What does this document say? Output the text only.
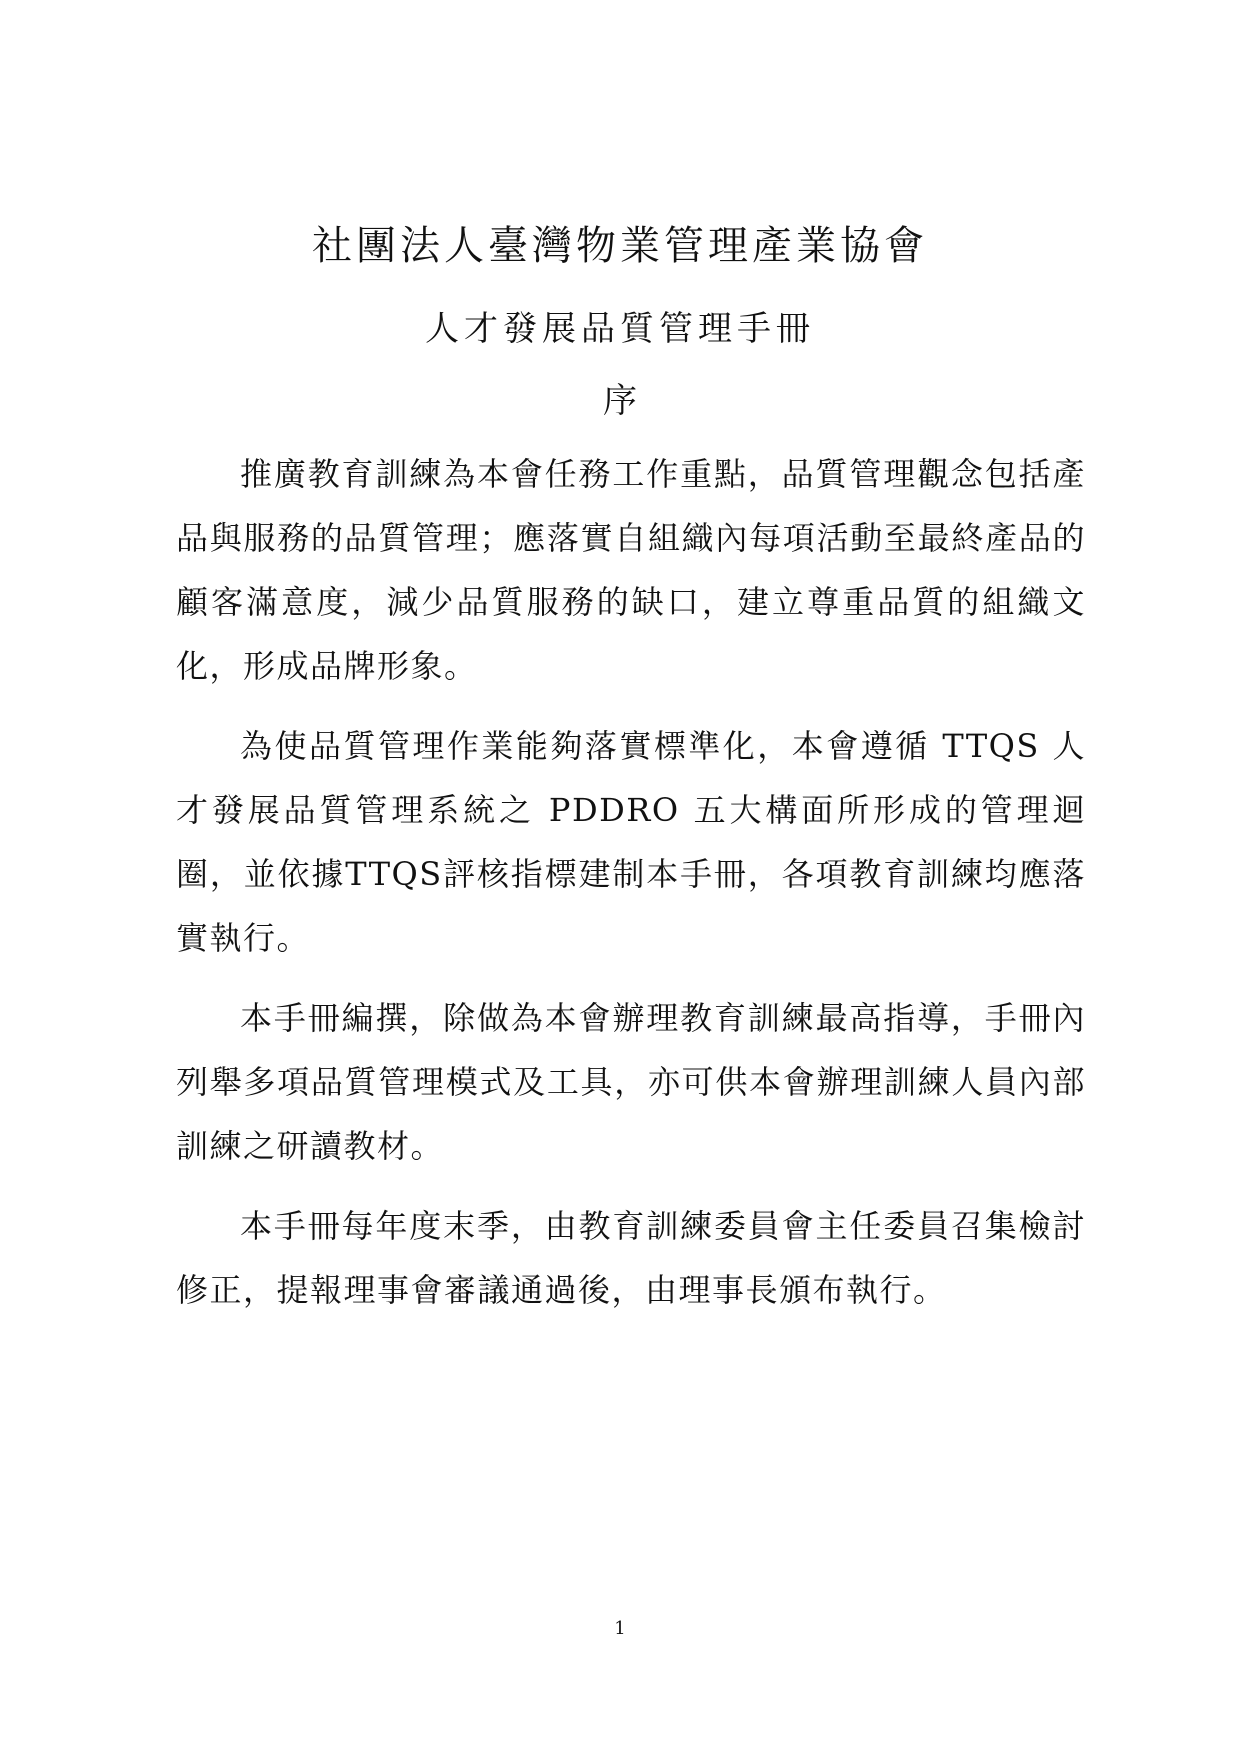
社團法人臺灣物業管理產業協會
人才發展品質管理手冊
序

推廣教育訓練為本會任務工作重點，品質管理觀念包括產品與服務的品質管理；應落實自組織內每項活動至最終產品的顧客滿意度，減少品質服務的缺口，建立尊重品質的組織文化，形成品牌形象。

為使品質管理作業能夠落實標準化，本會遵循 TTQS 人才發展品質管理系統之 PDDRO 五大構面所形成的管理迴圈，並依據TTQS評核指標建制本手冊，各項教育訓練均應落實執行。

本手冊編撰，除做為本會辦理教育訓練最高指導，手冊內列舉多項品質管理模式及工具，亦可供本會辦理訓練人員內部訓練之研讀教材。

本手冊每年度末季，由教育訓練委員會主任委員召集檢討修正，提報理事會審議通過後，由理事長頒布執行。

1
